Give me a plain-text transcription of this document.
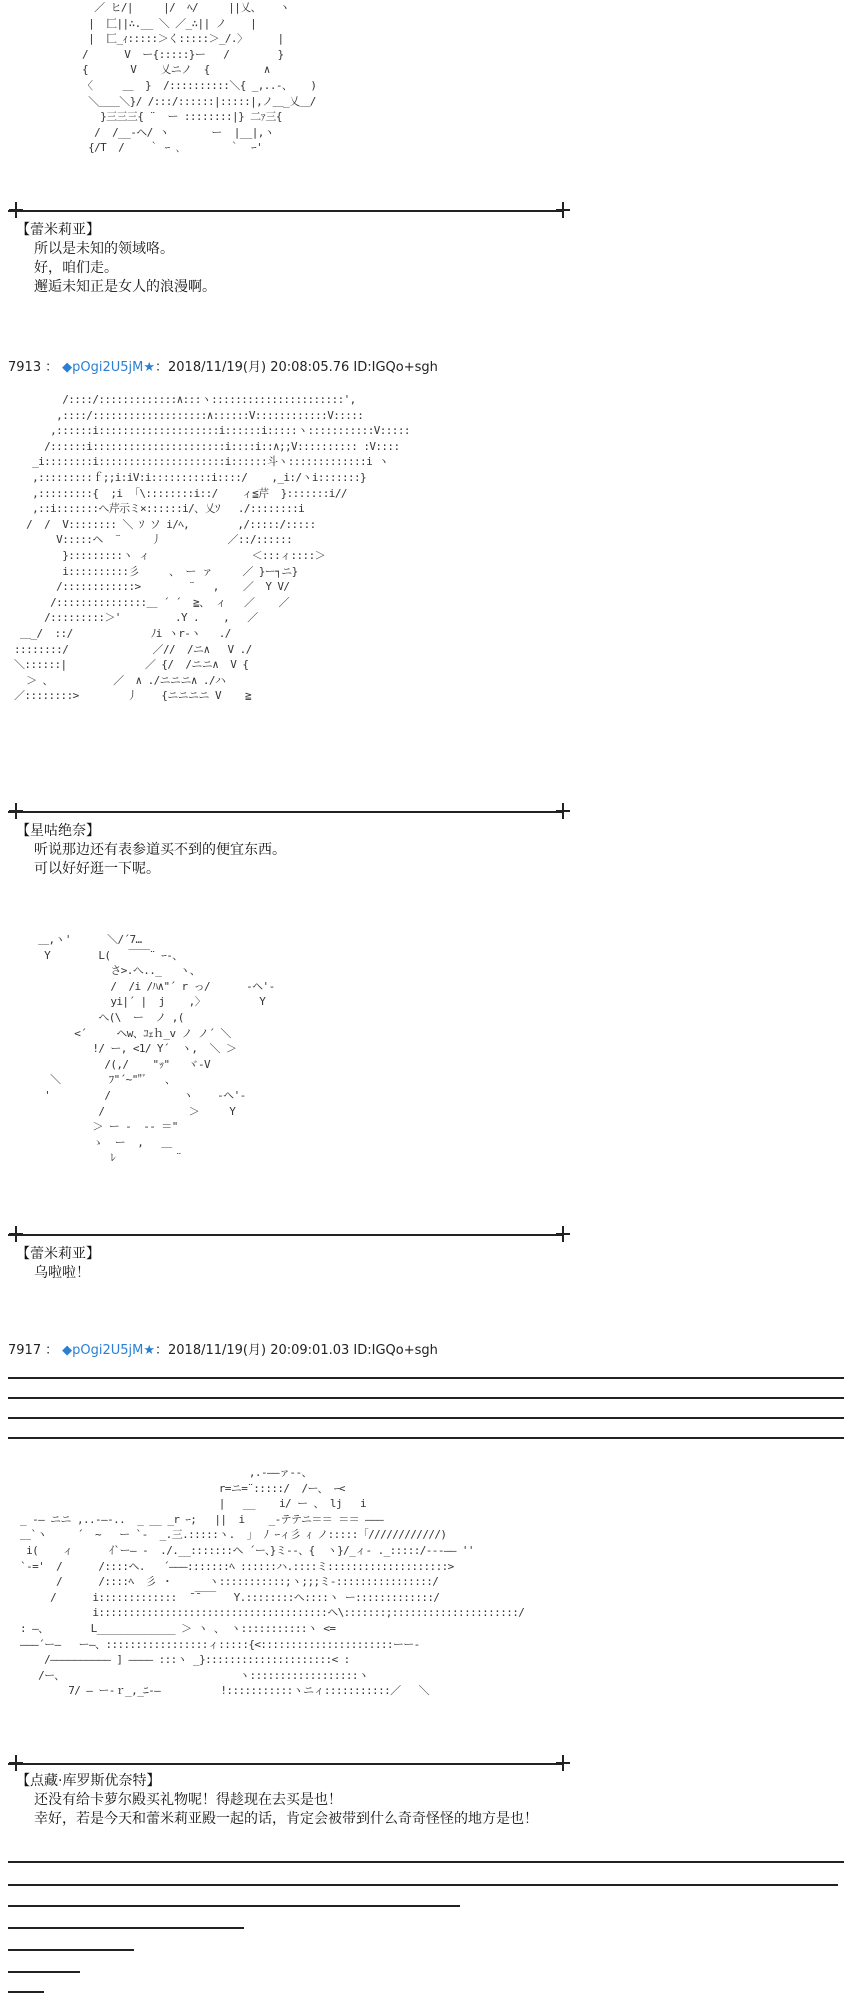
／ ヒ/|     |/  ﾍ/     ||乂、   ヽ
|  匚||∴.__ ＼ ／_∴|| ノ    |
|  匚_ｨ:::::＞く:::::＞_/.〉     |
/      V  ー{:::::}ー   /        }
{       V    乂ニノ  {         ∧
〈     ＿  }  /::::::::::＼{ _,..-、   )
＼＿＿＼}/ /:::/::::::|:::::|,ノ＿_乂＿/
}三三三{ ¨  ー ::::::::|} 二ｧ三{
/  /__-ヘ/ ヽ       ー  |__|,ヽ
{/T  /    ｀ ｰ ､        ｀  ｰ'
【蕾米莉亚】
所以是未知的领域咯。
好，咱们走。
邂逅未知正是女人的浪漫啊。
7913 ： ◆pOgi2U5jM★：2018/11/19(月) 20:08:05.76 ID:IGQo+sgh
/::::/:::::::::::::∧:::ヽ::::::::::::::::::::::',
,::::/:::::::::::::::::::∧::::::V::::::::::::V:::::
,::::::i::::::::::::::::::::i::::::i:::::ヽ:::::::::::V:::::
/::::::i::::::::::::::::::::::i::::i::∧;;V:::::::::: :V::::
_i::::::::i:::::::::::::::::::::i::::::斗ヽ:::::::::::::i ヽ
,:::::::::ｆ;;i:iV:i::::::::::i::::/    ,_i:/ヽi:::::::}
,:::::::::{  ;i  ｢\::::::::i::/    ィ≦芹  }:::::::i//
,::i:::::::へ芹示ミ×::::::i/、乂ｿ   ./::::::::i
/  /  V:::::::: ＼ ｿ ソ i/ﾍ,        ,/:::::/:::::
V:::::ヘ  ¨     丿           ／::/::::::
}:::::::::ヽ ィ                 ＜:::ィ::::＞
i::::::::::彡     、 ー ァ     ／ }ー┐ニ}
/::::::::::::>        ¨   ,    ／  Y V/
/:::::::::::::::＿ ´ ´  ≧、 ィ   ／    ／
/:::::::::＞'         .Y .    ,   ／
＿_/  ::/             ﾉi ヽr-ヽ   ./
::::::::/              ／//  /ニ∧   V ./
＼::::::|             ／ {/  /ニニ∧  V {
＞ 、          ／  ∧ ./ニニニ∧ ./ハ
／::::::::>        丿    {ニニニニ V    ≧
【星咕绝奈】
听说那边还有表参道买不到的便宜东西。
可以好好逛一下呢。
＿,ヽ'      ＼/´7…
Y        L(   ￣￣¨ ｰ-、
さ>.へ.._   ヽ、
/  /i /ﾊ∧"´ r っ/      -ヘ'-
yi|´ |  j    ,〉         Y
へ(\  ー  ノ ,(
<´     ヘw、ｺｪｈ_v ノ ノ´ ＼
!/ ー, <1/ Y´  ヽ,  ＼ ＞
/(,/    "ｯ"   ヾ-V
＼        ﾌ"´~""ﾞ   、
'         /            ヽ    -ヘ'-
/              ＞     Y
＞ ー -  -- ＝"
ゝ  ー  ,   ＿
ﾚ          ¨
【蕾米莉亚】
乌啦啦！
7917 ： ◆pOgi2U5jM★：2018/11/19(月) 20:09:01.03 ID:IGQo+sgh
,.-――ァ--、
r=ニ=¨:::::/  /ー、 ｰ<
|   __    i/ ー 、 lj   i
_ -― ニニ ,..-―-..  _ __ _r ｰ;   ||  i    _-テテニ＝＝ ＝＝ ―――
＿`ヽ     ´  ~   ー `-  _.三.:::::ヽ.  ｣  ﾉ ｰィ彡 ｨ ノ:::::「////////////)
i(    ィ      ｲ`ー― -  ./.__:::::::ヘ ´ー、}ミ--、{  ヽ}/_ィ- ._:::::/---―― ''
`-='  /      /::::ヘ.   ´―――:::::::ﾍ ::::::ハ.::::ミ::::::::::::::::::::>
/      /::::ﾍ  彡 ・      ヽ:::::::::::;ヽ;;;ミ-::::::::::::::::/
/      i:::::::::::::  ̄ ̄￣￣   Y.::::::::ヘ::::ヽ ー:::::::::::::/
i::::::::::::::::::::::::::::::::::::::ヘ\:::::::;:::::::::::::::::::::/
: ―、       L_____________ ＞ ヽ 、 ヽ:::::::::::ヽ <=
―――´ー―   ー―、:::::::::::::::::ィ:::::{<::::::::::::::::::::::ーー-
/―――――――――― ] ―――― :::ヽ _}:::::::::::::::::::::< :
/ー、                             ヽ::::::::::::::::::ヽ
7/ ― ー-ｒ_,_ﾆ-―          !:::::::::::ヽニィ:::::::::::／   ＼
【点藏·库罗斯优奈特】
还没有给卡萝尔殿买礼物呢！得趁现在去买是也！
幸好，若是今天和蕾米莉亚殿一起的话，肯定会被带到什么奇奇怪怪的地方是也！
